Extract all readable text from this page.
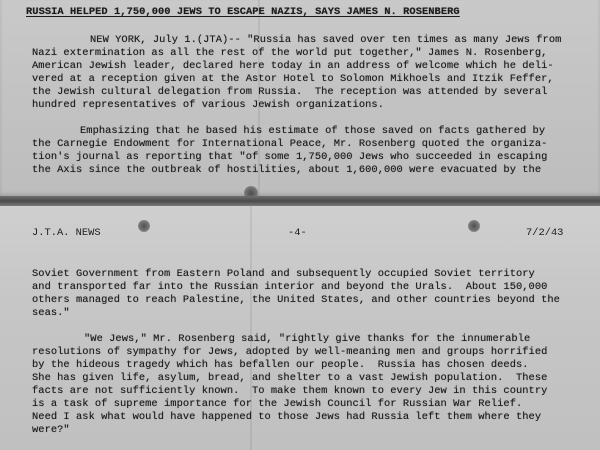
RUSSIA HELPED 1,750,000 JEWS TO ESCAPE NAZIS, SAYS JAMES N. ROSENBERG
NEW YORK, July 1.(JTA)-- "Russia has saved over ten times as many Jews from
Nazi extermination as all the rest of the world put together," James N. Rosenberg,
American Jewish leader, declared here today in an address of welcome which he deli-
vered at a reception given at the Astor Hotel to Solomon Mikhoels and Itzik Feffer,
the Jewish cultural delegation from Russia.  The reception was attended by several
hundred representatives of various Jewish organizations.
Emphasizing that he based his estimate of those saved on facts gathered by
the Carnegie Endowment for International Peace, Mr. Rosenberg quoted the organiza-
tion's journal as reporting that "of some 1,750,000 Jews who succeeded in escaping
the Axis since the outbreak of hostilities, about 1,600,000 were evacuated by the
J.T.A. NEWS	-4-	7/2/43
Soviet Government from Eastern Poland and subsequently occupied Soviet territory
and transported far into the Russian interior and beyond the Urals.  About 150,000
others managed to reach Palestine, the United States, and other countries beyond the
seas."
"We Jews," Mr. Rosenberg said, "rightly give thanks for the innumerable
resolutions of sympathy for Jews, adopted by well-meaning men and groups horrified
by the hideous tragedy which has befallen our people.  Russia has chosen deeds.
She has given life, asylum, bread, and shelter to a vast Jewish population.  These
facts are not sufficiently known.  To make them known to every Jew in this country
is a task of supreme importance for the Jewish Council for Russian War Relief.
Need I ask what would have happened to those Jews had Russia left them where they
were?"
